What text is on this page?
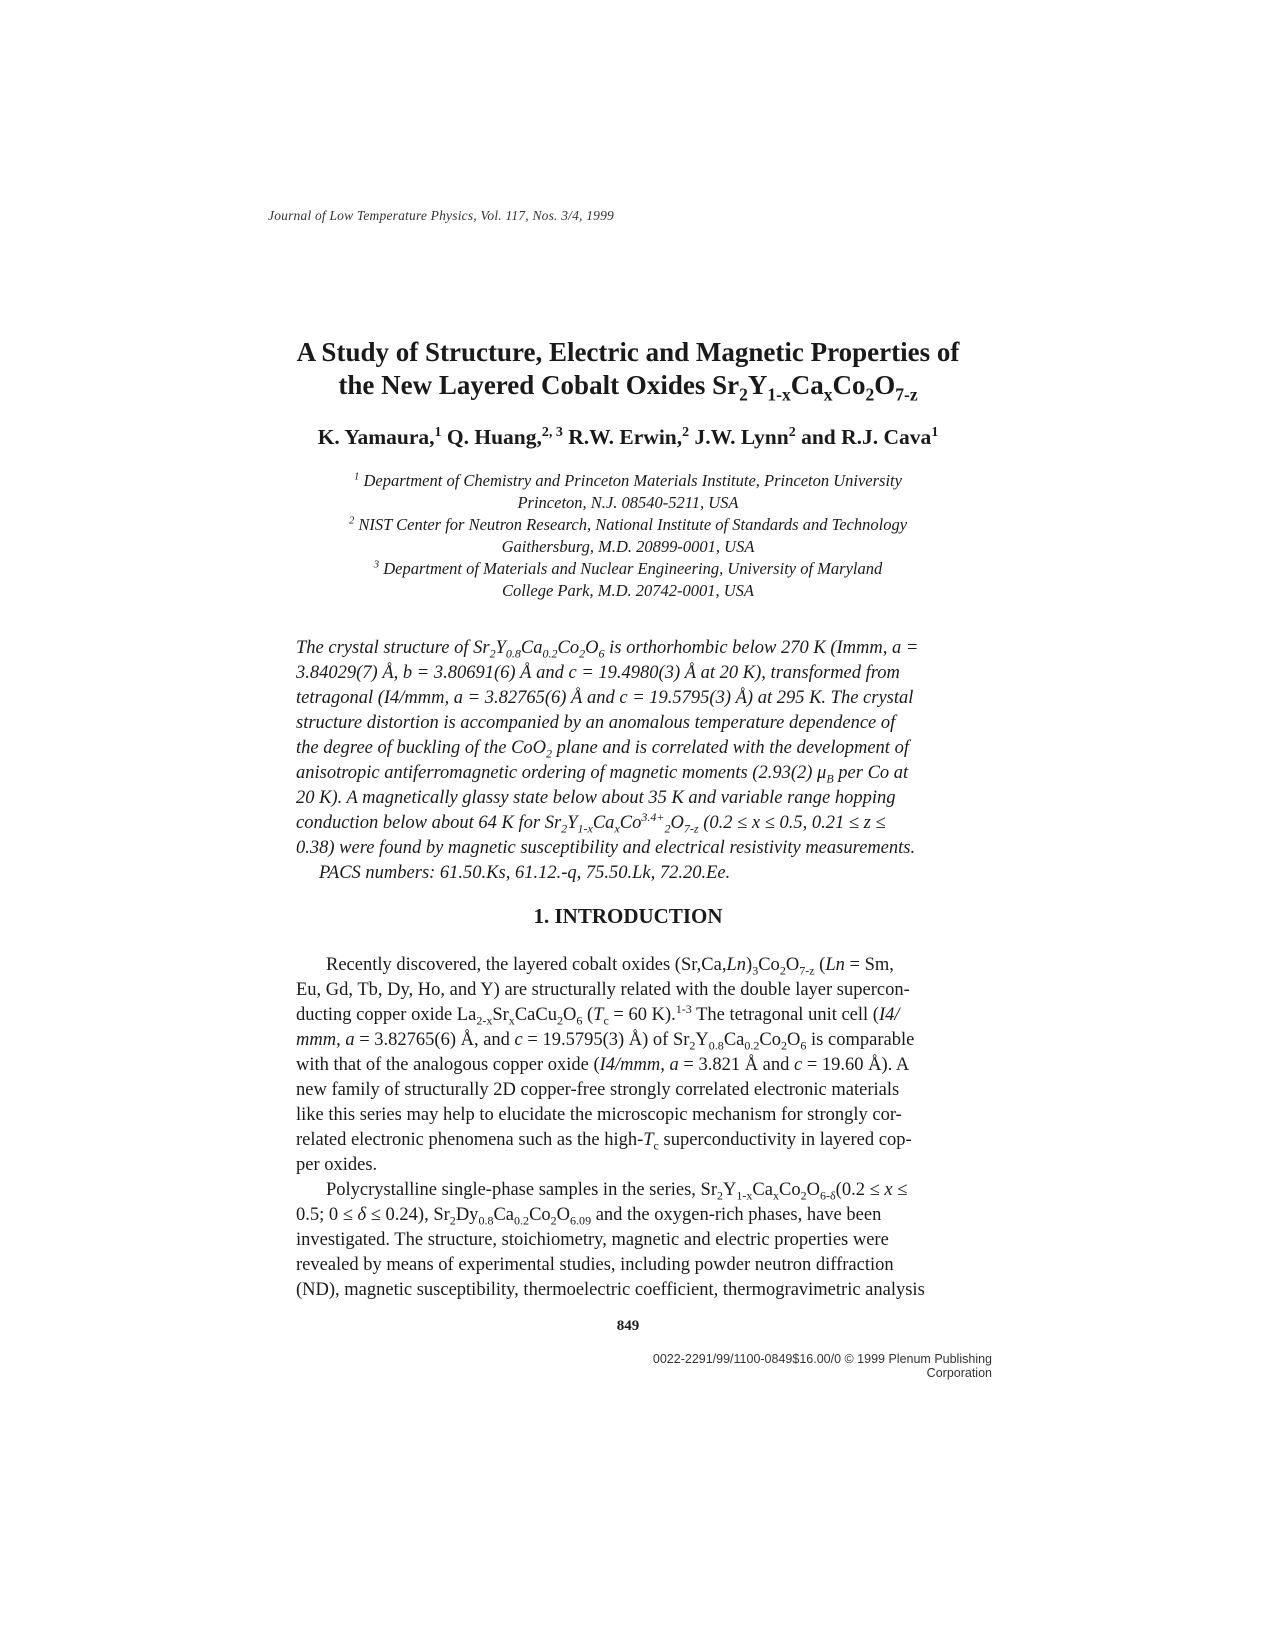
Journal of Low Temperature Physics, Vol. 117, Nos. 3/4, 1999
A Study of Structure, Electric and Magnetic Properties of
the New Layered Cobalt Oxides $Sr_2Y_{1-x}Ca_xCo_2O_{7-z}$
K. Yamaura,$^1$ Q. Huang,$^{2, 3}$ R.W. Erwin,$^2$ J.W. Lynn$^2$ and R.J. Cava$^1$
$^1$ Department of Chemistry and Princeton Materials Institute, Princeton University
Princeton, N.J. 08540-5211, USA
$^2$ NIST Center for Neutron Research, National Institute of Standards and Technology
Gaithersburg, M.D. 20899-0001, USA
$^3$ Department of Materials and Nuclear Engineering, University of Maryland
College Park, M.D. 20742-0001, USA
The crystal structure of $Sr_2Y_{0.8}Ca_{0.2}Co_2O_6$ is orthorhombic below 270 K (Immm, a =
3.84029(7) Å, b = 3.80691(6) Å and c = 19.4980(3) Å at 20 K), transformed from
tetragonal (I4/mmm, a = 3.82765(6) Å and c = 19.5795(3) Å) at 295 K. The crystal
structure distortion is accompanied by an anomalous temperature dependence of
the degree of buckling of the CoO$_2$ plane and is correlated with the development of
anisotropic antiferromagnetic ordering of magnetic moments (2.93(2) $\mu_B$ per Co at
20 K). A magnetically glassy state below about 35 K and variable range hopping
conduction below about 64 K for $Sr_2Y_{1-x}Ca_xCo^{3.4+}_2O_{7-z}$ (0.2 ≤ x ≤ 0.5, 0.21 ≤ z ≤
0.38) were found by magnetic susceptibility and electrical resistivity measurements.
PACS numbers: 61.50.Ks, 61.12.-q, 75.50.Lk, 72.20.Ee.
1. INTRODUCTION
Recently discovered, the layered cobalt oxides $(Sr,Ca,Ln)_3Co_2O_{7-z}$ (Ln = Sm,
Eu, Gd, Tb, Dy, Ho, and Y) are structurally related with the double layer supercon-
ducting copper oxide $La_{2-x}Sr_xCaCu_2O_6$ ($T_c = 60$ K).$^{1-3}$ The tetragonal unit cell (I4/
mmm, a = 3.82765(6) Å, and c = 19.5795(3) Å) of $Sr_2Y_{0.8}Ca_{0.2}Co_2O_6$ is comparable
with that of the analogous copper oxide (I4/mmm, a = 3.821 Å and c = 19.60 Å). A
new family of structurally 2D copper-free strongly correlated electronic materials
like this series may help to elucidate the microscopic mechanism for strongly cor-
related electronic phenomena such as the high-$T_c$ superconductivity in layered cop-
per oxides.
Polycrystalline single-phase samples in the series, $Sr_2Y_{1-x}Ca_xCo_2O_{6-\delta}(0.2 \le x$ ≤
0.5; 0 ≤ δ ≤ 0.24), $Sr_2Dy_{0.8}Ca_{0.2}Co_2O_{6.09}$ and the oxygen-rich phases, have been
investigated. The structure, stoichiometry, magnetic and electric properties were
revealed by means of experimental studies, including powder neutron diffraction
(ND), magnetic susceptibility, thermoelectric coefficient, thermogravimetric analysis
849
0022-2291/99/1100-0849$16.00/0 © 1999 Plenum Publishing Corporation
